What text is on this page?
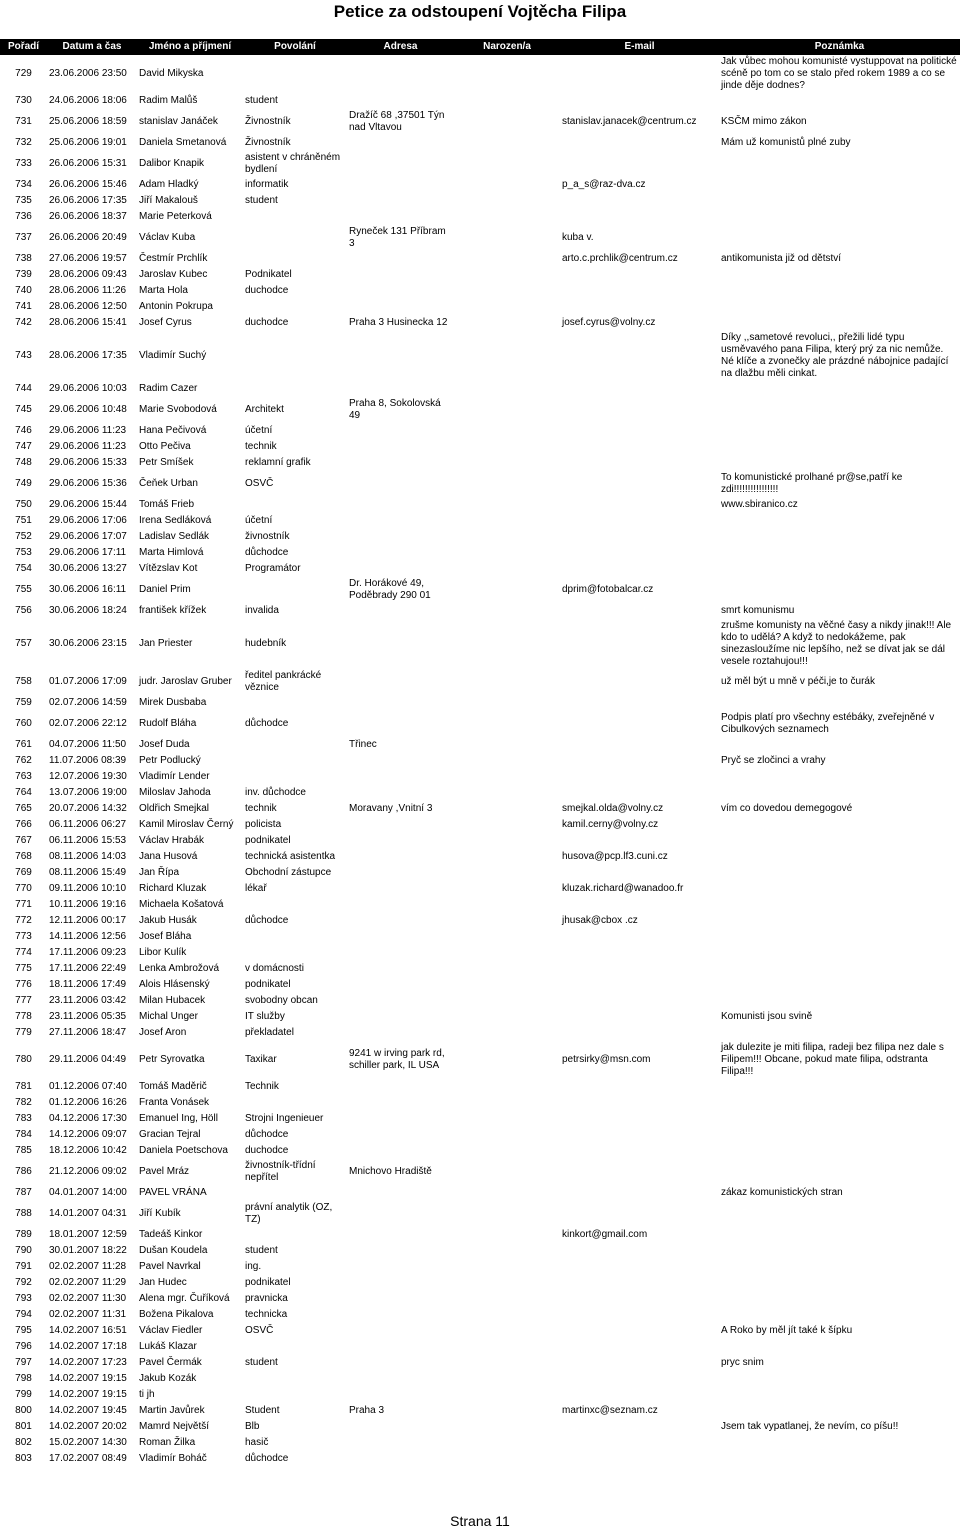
Petice za odstoupení Vojtěcha Filipa
Pořadí	Datum a čas	Jméno a příjmení	Povolání	Adresa	Narozen/a	E-mail	Poznámka
729	23.06.2006 23:50	David Mikyska					Jak vůbec mohou komunisté vystuppovat na politické scéně po tom co se stalo před rokem 1989 a co se jinde děje dodnes?
730	24.06.2006 18:06	Radim Malůš	student				
731	25.06.2006 18:59	stanislav Janáček	Živnostník	Dražíč 68 ,37501 Týn nad Vltavou		stanislav.janacek@centrum.cz	KSČM mimo zákon
732	25.06.2006 19:01	Daniela Smetanová	Živnostník				Mám už komunistů plné zuby
733	26.06.2006 15:31	Dalibor Knapik	asistent v chráněném bydlení				
734	26.06.2006 15:46	Adam Hladký	informatik			p_a_s@raz-dva.cz	
735	26.06.2006 17:35	Jiří Makalouš	student				
736	26.06.2006 18:37	Marie Peterková					
737	26.06.2006 20:49	Václav Kuba		Ryneček 131 Příbram 3		kuba v.	
738	27.06.2006 19:57	Čestmír Prchlík				arto.c.prchlik@centrum.cz	antikomunista již od dětství
739	28.06.2006 09:43	Jaroslav Kubec	Podnikatel				
740	28.06.2006 11:26	Marta Hola	duchodce				
741	28.06.2006 12:50	Antonin Pokrupa					
742	28.06.2006 15:41	Josef Cyrus	duchodce	Praha 3 Husinecka 12		josef.cyrus@volny.cz	
743	28.06.2006 17:35	Vladimír Suchý					Díky ,,sametové revoluci,, přežili lidé typu usměvavého pana Filipa, který prý za nic nemůže. Né klíče a zvonečky ale prázdné nábojnice padající na dlažbu měli cinkat.
744	29.06.2006 10:03	Radim Cazer					
745	29.06.2006 10:48	Marie Svobodová	Architekt	Praha 8, Sokolovská 49			
746	29.06.2006 11:23	Hana Pečivová	účetní				
747	29.06.2006 11:23	Otto Pečiva	technik				
748	29.06.2006 15:33	Petr Smíšek	reklamní grafik				
749	29.06.2006 15:36	Čeňek Urban	OSVČ				To komunistické prolhané pr@se,patří ke zdi!!!!!!!!!!!!!!!!
750	29.06.2006 15:44	Tomáš Frieb					www.sbiranico.cz
751	29.06.2006 17:06	Irena Sedláková	účetní				
752	29.06.2006 17:07	Ladislav Sedlák	živnostník				
753	29.06.2006 17:11	Marta Himlová	důchodce				
754	30.06.2006 13:27	Vítězslav Kot	Programátor				
755	30.06.2006 16:11	Daniel Prim		Dr. Horákové 49, Poděbrady 290 01		dprim@fotobalcar.cz	
756	30.06.2006 18:24	františek křížek	invalida				smrt komunismu
757	30.06.2006 23:15	Jan Priester	hudebník				zrušme komunisty na věčné časy a nikdy jinak!!! Ale kdo to udělá? A když to nedokážeme, pak sinezasloužíme nic lepšího, než se dívat jak se dál vesele roztahujou!!!
758	01.07.2006 17:09	judr. Jaroslav Gruber	ředitel pankrácké věznice				už měl být u mně v péči,je to čurák
759	02.07.2006 14:59	Mirek Dusbaba					
760	02.07.2006 22:12	Rudolf Bláha	důchodce				Podpis platí pro všechny estébáky, zveřejněné v Cibulkových seznamech
761	04.07.2006 11:50	Josef Duda		Třinec			
762	11.07.2006 08:39	Petr Podlucký					Pryč se zločinci a vrahy
763	12.07.2006 19:30	Vladimír Lender					
764	13.07.2006 19:00	Miloslav Jahoda	inv. důchodce				
765	20.07.2006 14:32	Oldřich Smejkal	technik	Moravany ,Vnitní 3		smejkal.olda@volny.cz	vím co dovedou demegogové
766	06.11.2006 06:27	Kamil Miroslav Černý	policista			kamil.cerny@volny.cz	
767	06.11.2006 15:53	Václav Hrabák	podnikatel				
768	08.11.2006 14:03	Jana Husová	technická asistentka			husova@pcp.lf3.cuni.cz	
769	08.11.2006 15:49	Jan Řípa	Obchodní zástupce				
770	09.11.2006 10:10	Richard Kluzak	lékař			kluzak.richard@wanadoo.fr	
771	10.11.2006 19:16	Michaela Košatová					
772	12.11.2006 00:17	Jakub Husák	důchodce			jhusak@cbox .cz	
773	14.11.2006 12:56	Josef Bláha					
774	17.11.2006 09:23	Libor Kulík					
775	17.11.2006 22:49	Lenka Ambrožová	v domácnosti				
776	18.11.2006 17:49	Alois Hlásenský	podnikatel				
777	23.11.2006 03:42	Milan Hubacek	svobodny obcan				
778	23.11.2006 05:35	Michal Unger	IT služby				Komunisti jsou svině
779	27.11.2006 18:47	Josef Aron	překladatel				
780	29.11.2006 04:49	Petr Syrovatka	Taxikar	9241 w irving park rd, schiller park, IL USA		petrsirky@msn.com	jak dulezite je miti filipa, radeji bez filipa nez dale s Filipem!!! Obcane, pokud mate filipa, odstranta Filipa!!!
781	01.12.2006 07:40	Tomáš Maděrič	Technik				
782	01.12.2006 16:26	Franta Vonásek					
783	04.12.2006 17:30	Emanuel Ing, Höll	Strojni Ingenieuer				
784	14.12.2006 09:07	Gracian Tejral	důchodce				
785	18.12.2006 10:42	Daniela Poetschova	duchodce				
786	21.12.2006 09:02	Pavel Mráz	živnostník-třídní nepřítel	Mnichovo Hradiště			
787	04.01.2007 14:00	PAVEL VRÁNA					zákaz komunistických stran
788	14.01.2007 04:31	Jiří Kubík	právní analytik (OZ, TZ)				
789	18.01.2007 12:59	Tadeáš Kinkor				kinkort@gmail.com	
790	30.01.2007 18:22	Dušan Koudela	student				
791	02.02.2007 11:28	Pavel Navrkal	ing.				
792	02.02.2007 11:29	Jan Hudec	podnikatel				
793	02.02.2007 11:30	Alena mgr. Čuříková	pravnicka				
794	02.02.2007 11:31	Božena Pikalova	technicka				
795	14.02.2007 16:51	Václav Fiedler	OSVČ				A Roko by měl jít také k šípku
796	14.02.2007 17:18	Lukáš Klazar					
797	14.02.2007 17:23	Pavel Čermák	student				pryc snim
798	14.02.2007 19:15	Jakub Kozák					
799	14.02.2007 19:15	ti jh					
800	14.02.2007 19:45	Martin Javůrek	Student	Praha 3		martinxc@seznam.cz	
801	14.02.2007 20:02	Mamrd Největší	Blb				Jsem tak vypatlanej, že nevím, co píšu!!
802	15.02.2007 14:30	Roman Žilka	hasič				
803	17.02.2007 08:49	Vladimír Boháč	důchodce				
Strana 11
